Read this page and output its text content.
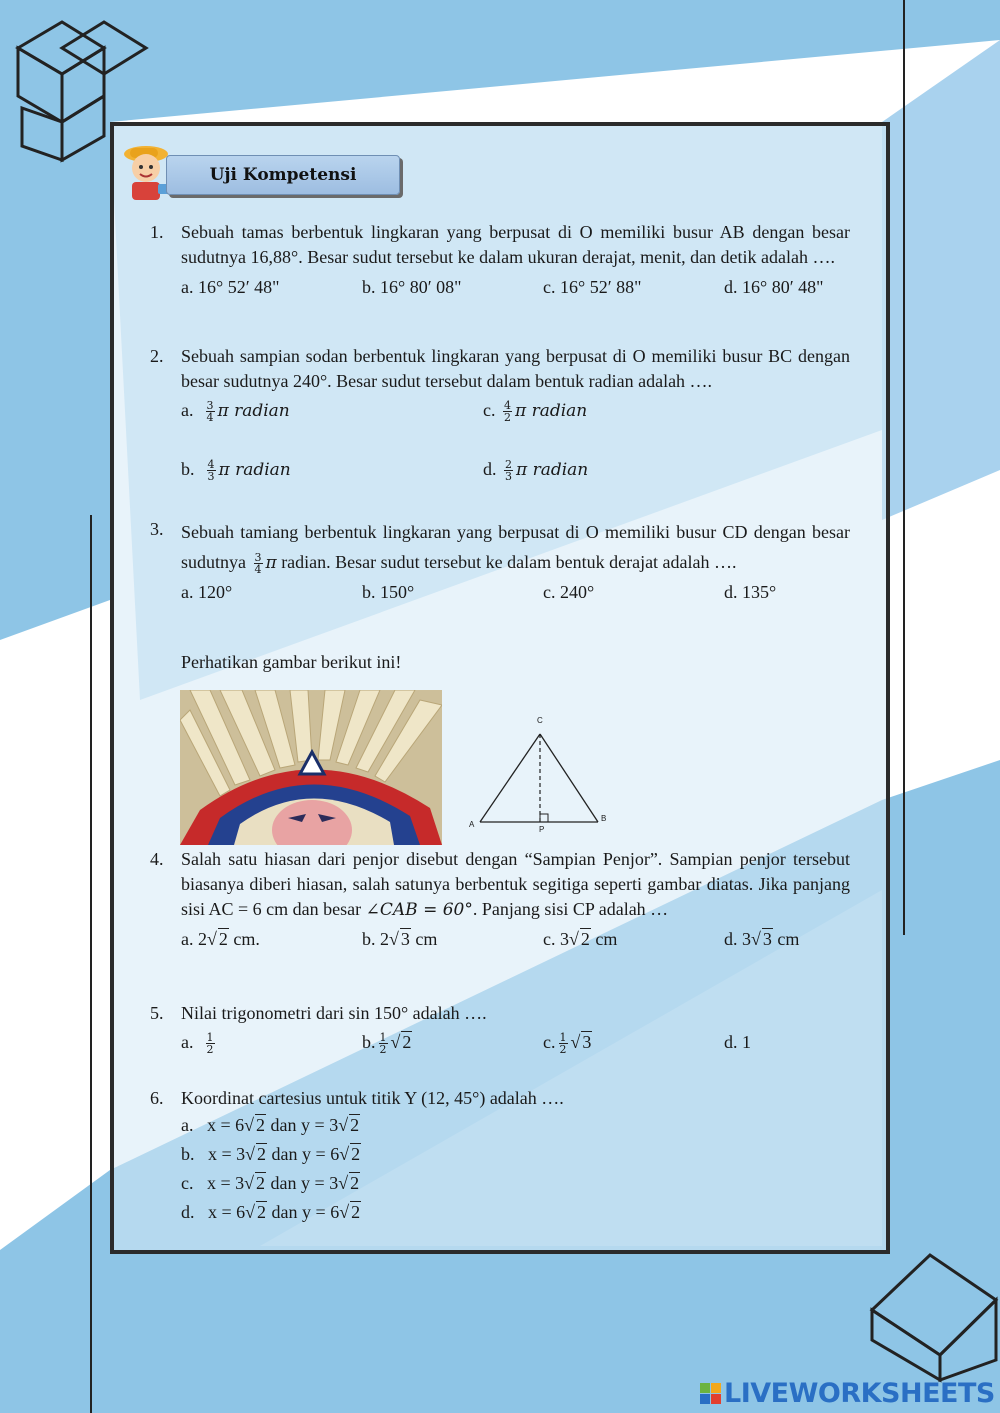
Uji Kompetensi
1. Sebuah tamas berbentuk lingkaran yang berpusat di O memiliki busur AB dengan besar sudutnya 16,88°. Besar sudut tersebut ke dalam ukuran derajat, menit, dan detik adalah ….
a. 16° 52′ 48"	b. 16° 80′ 08"	c. 16° 52′ 88"	d. 16° 80′ 48"
2. Sebuah sampian sodan berbentuk lingkaran yang berpusat di O memiliki busur BC dengan besar sudutnya 240°. Besar sudut tersebut dalam bentuk radian adalah ….
a. $\frac{3}{4}$ π radian	c. $\frac{4}{2}$ π radian
b. $\frac{4}{3}$ π radian	d. $\frac{2}{3}$ π radian
3. Sebuah tamiang berbentuk lingkaran yang berpusat di O memiliki busur CD dengan besar sudutnya $\frac{3}{4}$ π radian. Besar sudut tersebut ke dalam bentuk derajat adalah ….
a. 120°	b. 150°	c. 240°	d. 135°
Perhatikan gambar berikut ini!
C
A
B
P
4. Salah satu hiasan dari penjor disebut dengan “Sampian Penjor”. Sampian penjor tersebut biasanya diberi hiasan, salah satunya berbentuk segitiga seperti gambar diatas. Jika panjang sisi AC = 6 cm dan besar ∠CAB = 60°. Panjang sisi CP adalah …
a. 2√ 2 cm.	b. 2√ 3 cm	c. 3√ 2 cm	d. 3√ 3 cm
5. Nilai trigonometri dari sin 150° adalah ….
a. $\frac{1}{2}$	b. $\frac{1}{2}$ √ 2	c. $\frac{1}{2}$ √ 3	d. 1
6. Koordinat cartesius untuk titik Y (12, 45°) adalah ….
a.   x = 6√ 2 dan y = 3√ 2
b.   x = 3√ 2 dan y = 6√ 2
c.   x = 3√ 2 dan y = 3√ 2
d.   x = 6√ 2 dan y = 6√ 2
LIVEWORKSHEETS
